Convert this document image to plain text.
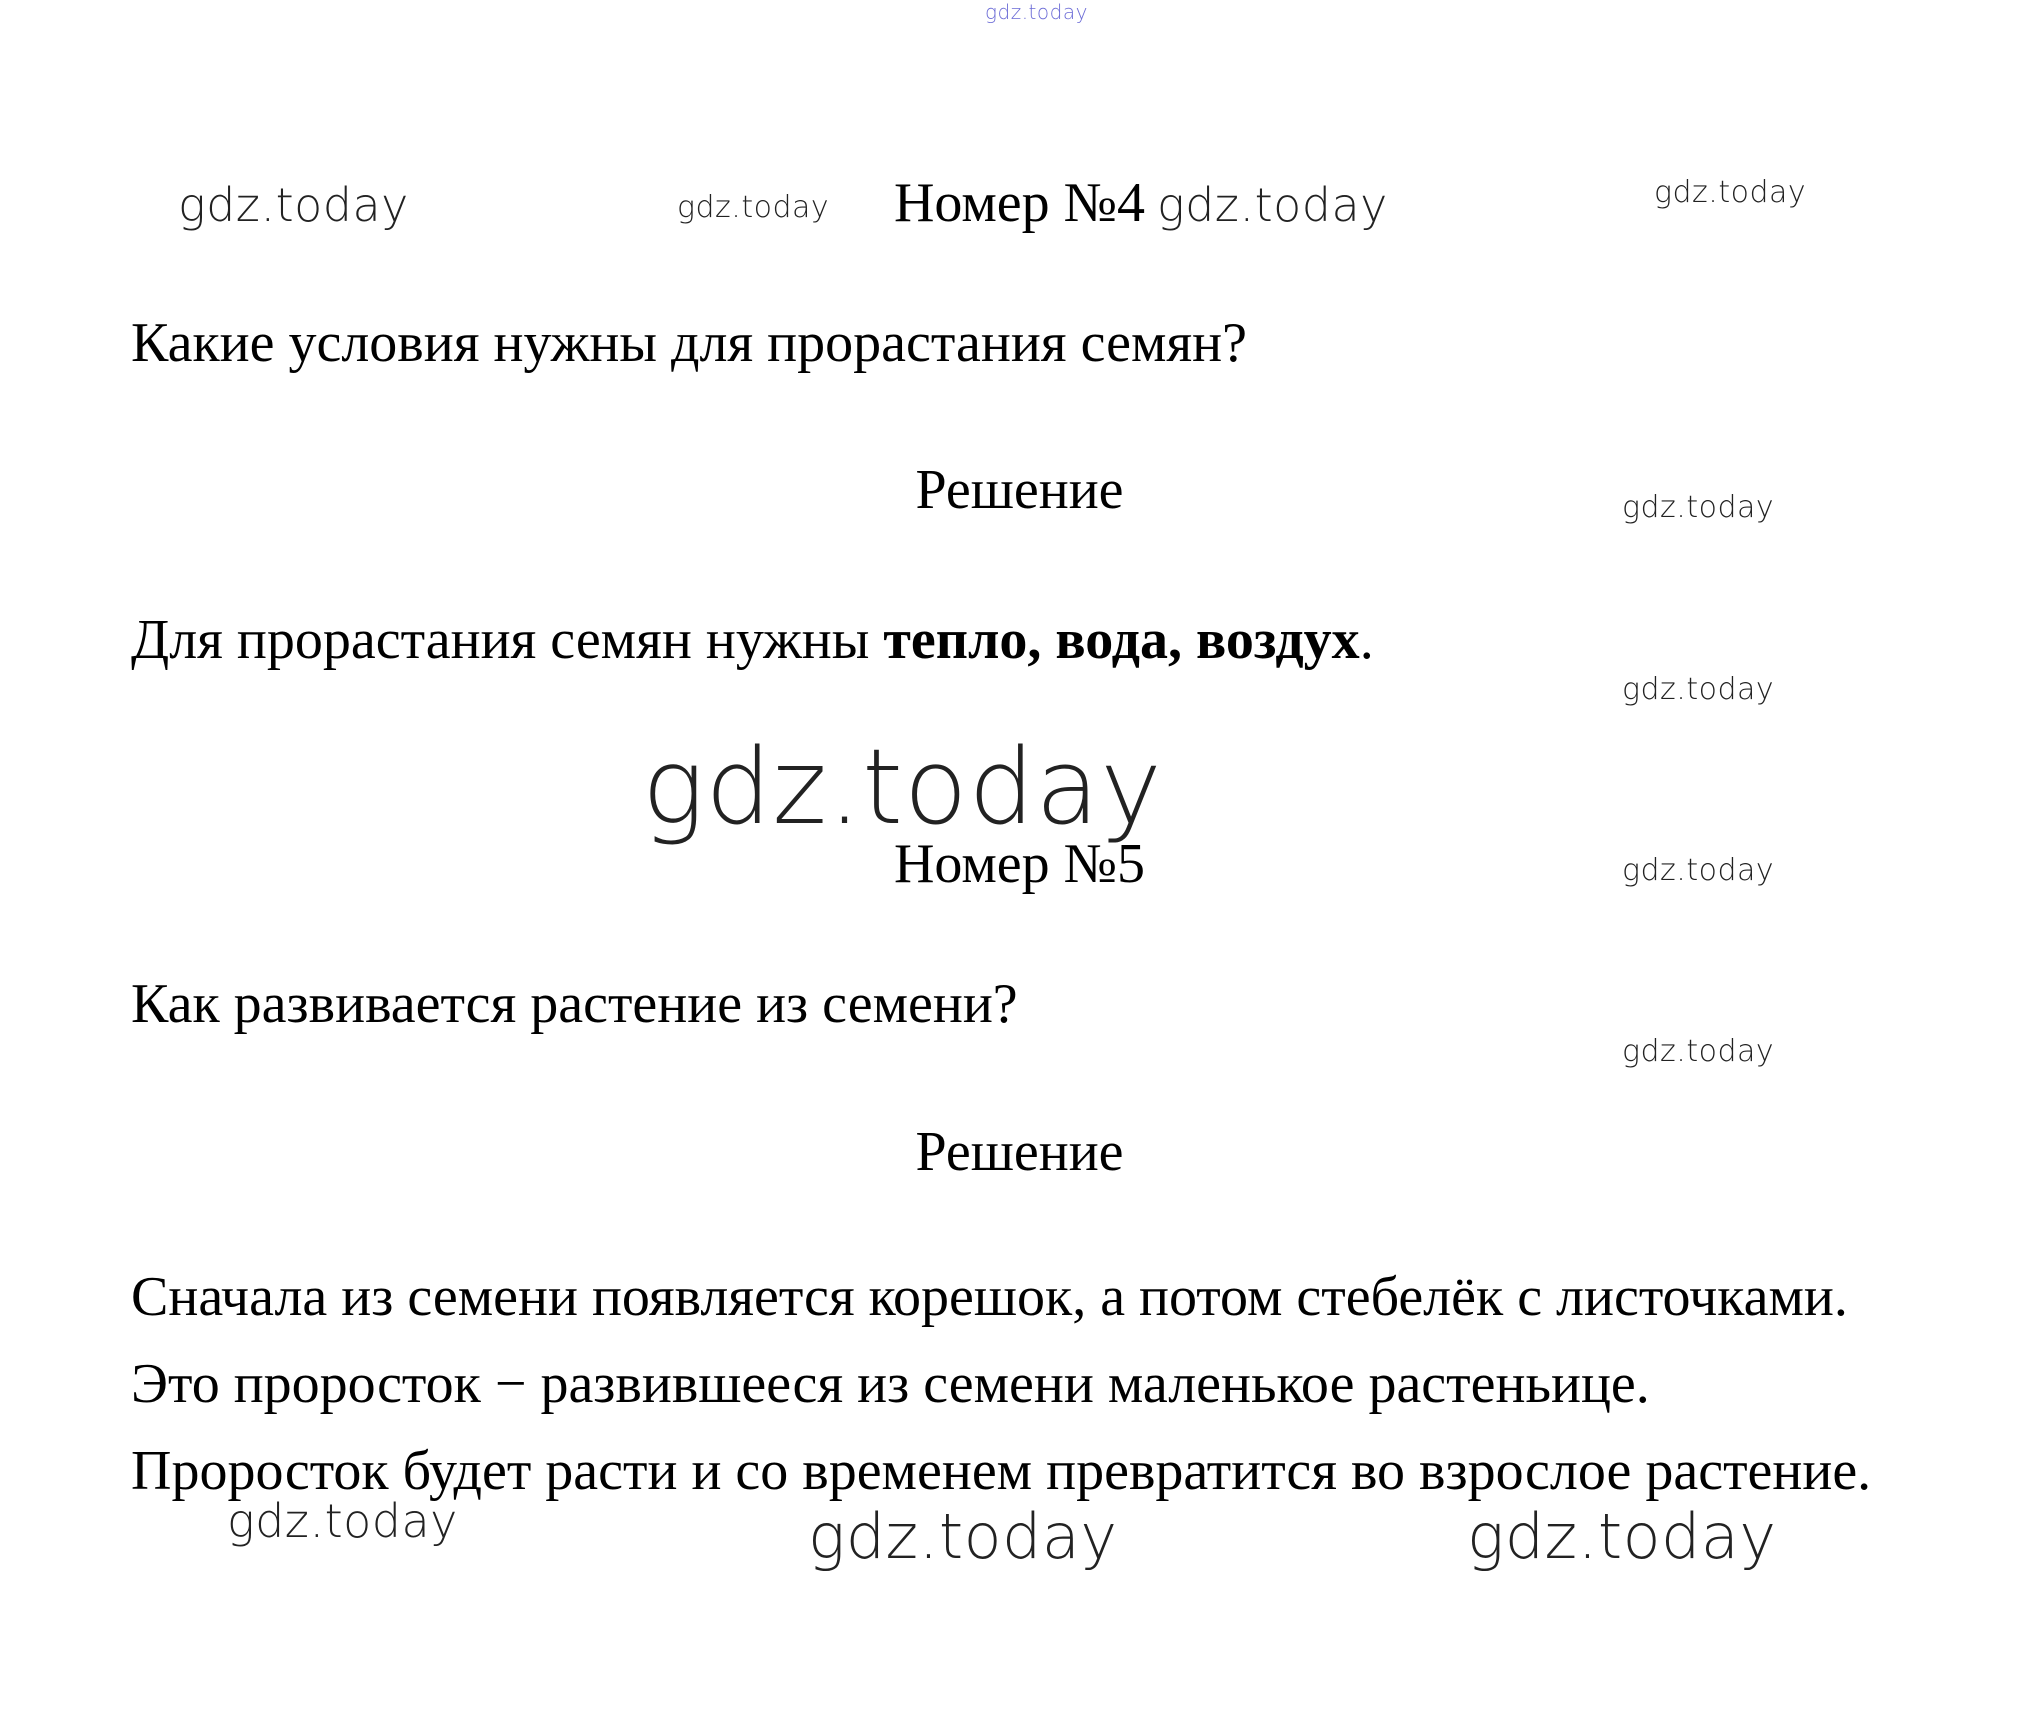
gdz.today
gdz.today	gdz.today	gdz.today	gdz.today
gdz.today
gdz.today
gdz.today
gdz.today
gdz.today
gdz.today	gdz.today	gdz.today
Номер №4
Какие условия нужны для прорастания семян?
Решение
Для прорастания семян нужны тепло, вода, воздух.
Номер №5
Как развивается растение из семени?
Решение
Сначала из семени появляется корешок, а потом стебелёк с листочками. Это проросток − развившееся из семени маленькое растеньице. Проросток будет расти и со временем превратится во взрослое растение.
